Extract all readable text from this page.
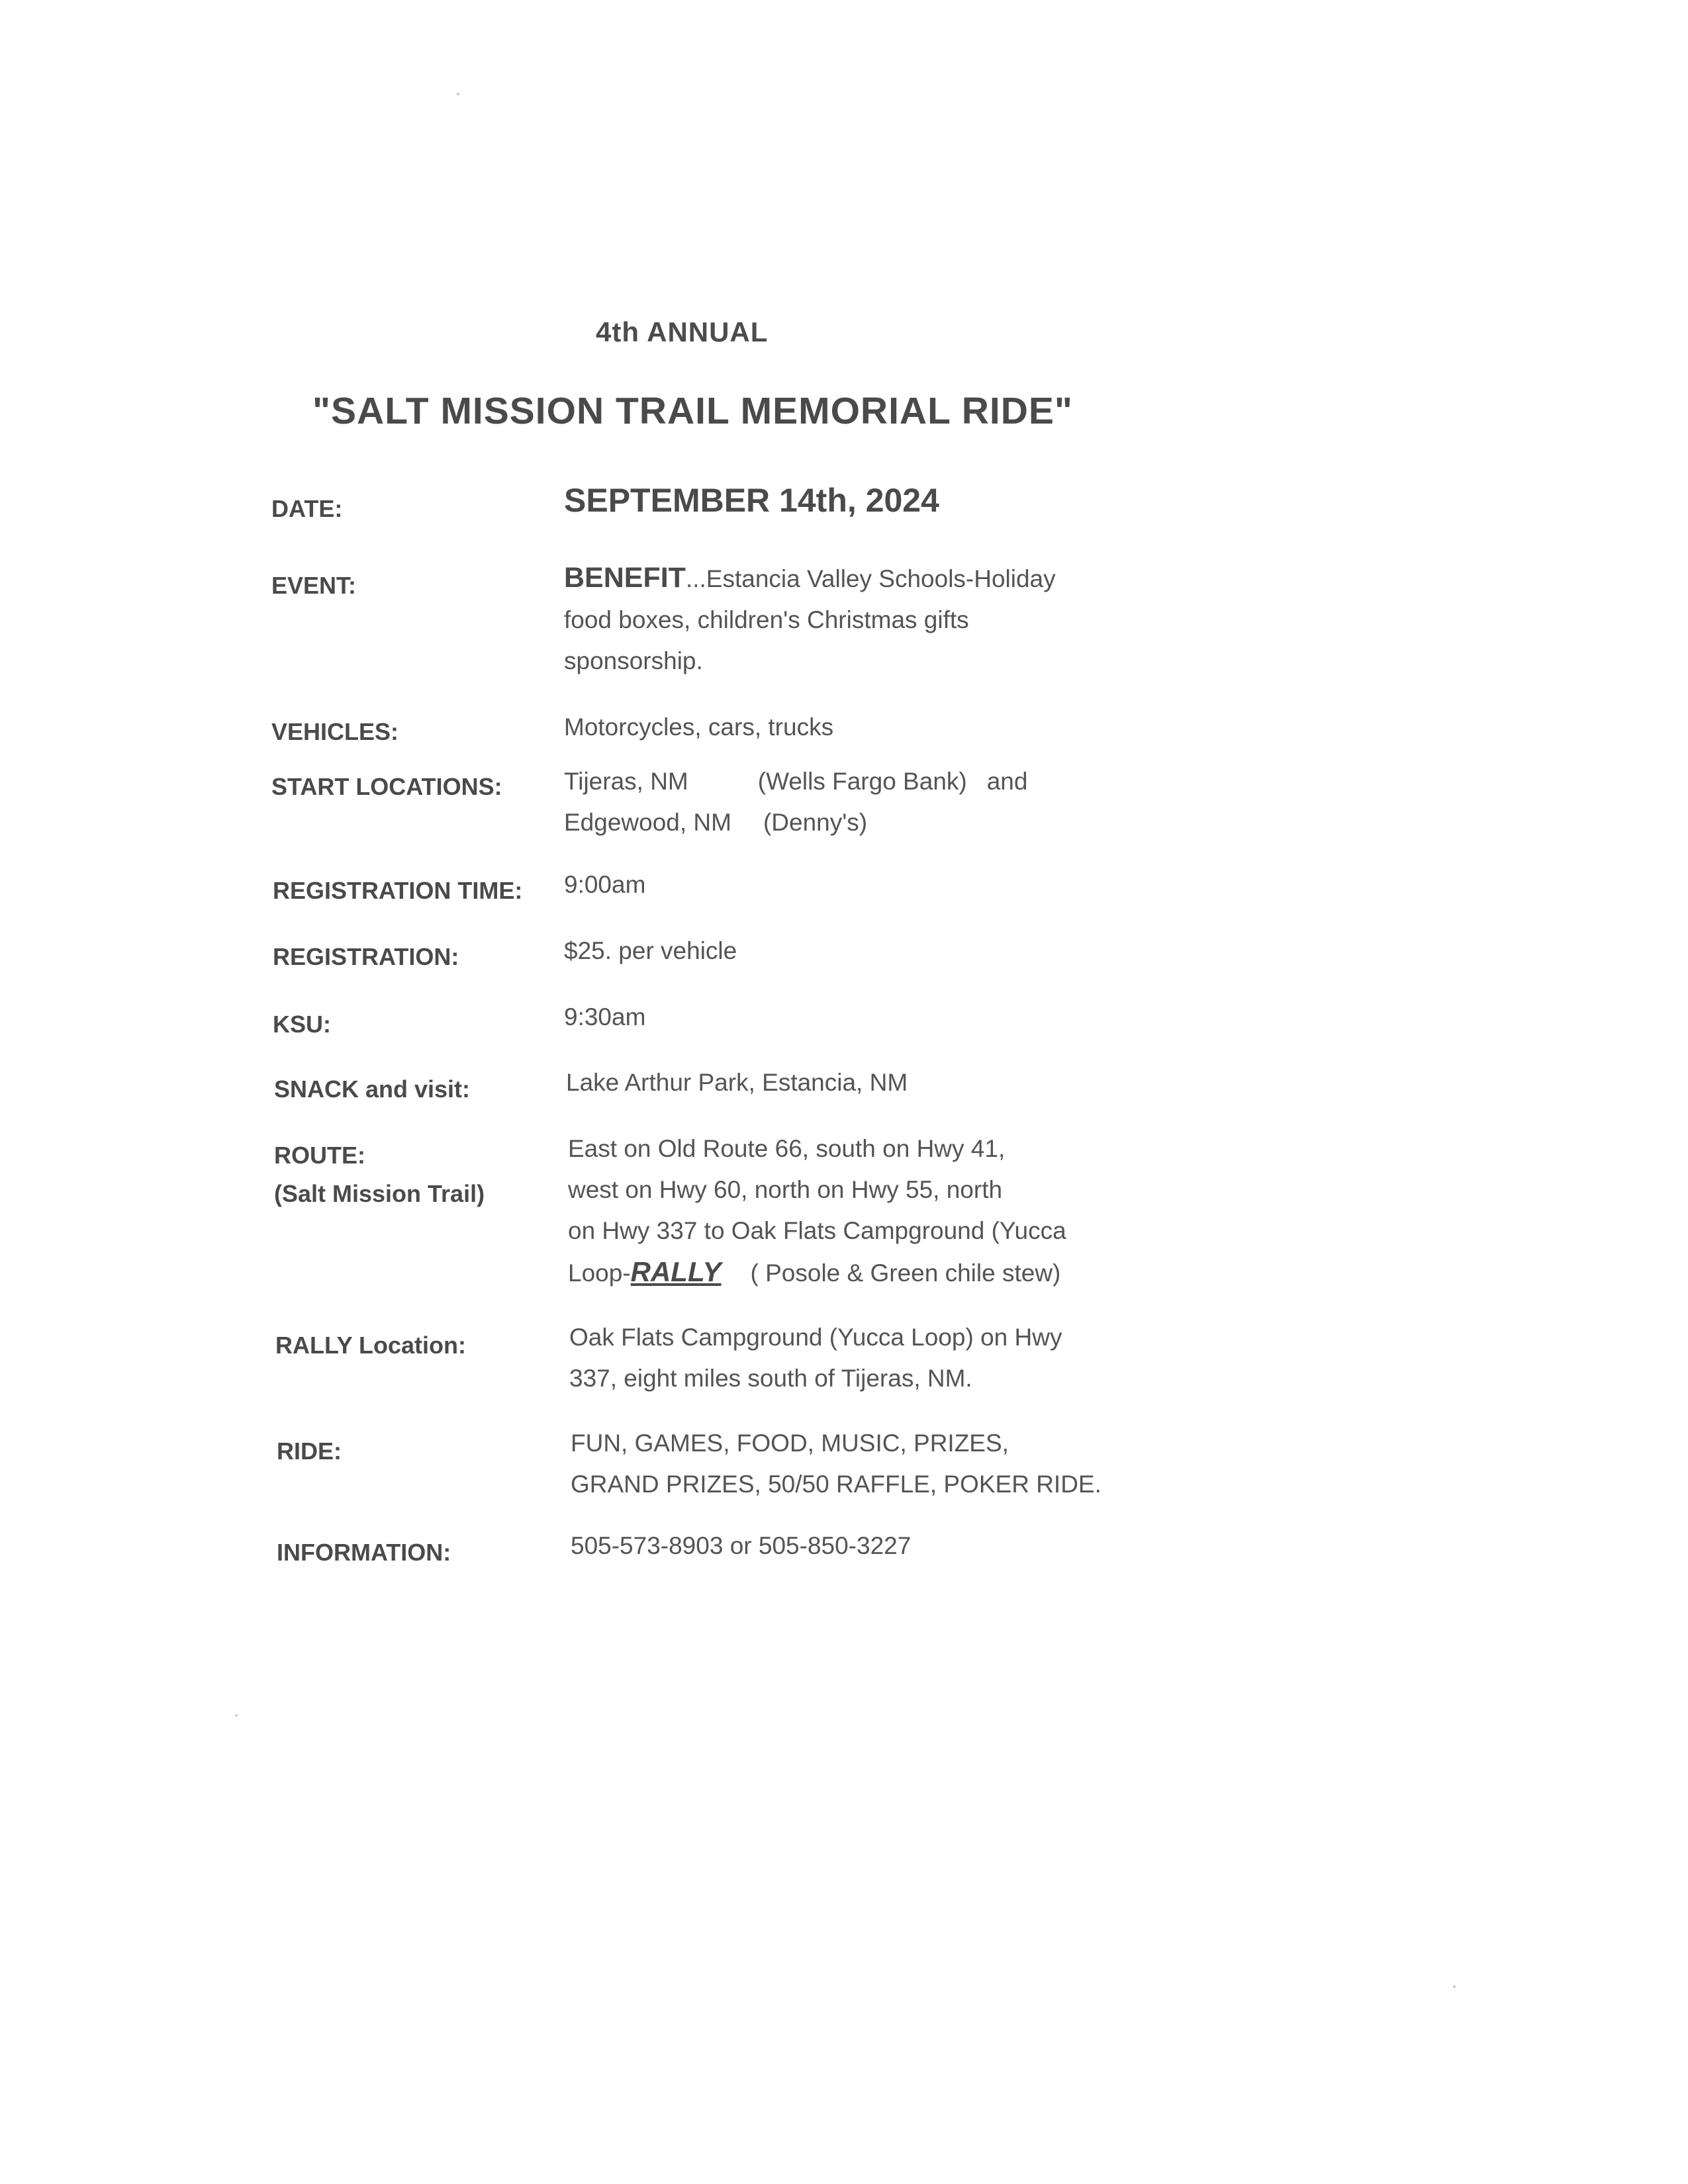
4th ANNUAL
"SALT MISSION TRAIL MEMORIAL RIDE"
DATE:	SEPTEMBER 14th, 2024
EVENT:	BENEFIT...Estancia Valley Schools-Holiday
food boxes, children's Christmas gifts
sponsorship.
VEHICLES:	Motorcycles, cars, trucks
START LOCATIONS:	Tijeras, NM	(Wells Fargo Bank) and
Edgewood, NM (Denny's)
REGISTRATION TIME: 9:00am
REGISTRATION:	$25. per vehicle
KSU:	9:30am
SNACK and visit:	Lake Arthur Park, Estancia, NM
ROUTE:
(Salt Mission Trail)
East on Old Route 66, south on Hwy 41,
west on Hwy 60, north on Hwy 55, north
on Hwy 337 to Oak Flats Campground (Yucca
Loop-RALLY ( Posole & Green chile stew)
RALLY Location:	Oak Flats Campground (Yucca Loop) on Hwy
337, eight miles south of Tijeras, NM.
RIDE:	FUN, GAMES, FOOD, MUSIC, PRIZES,
GRAND PRIZES, 50/50 RAFFLE, POKER RIDE.
INFORMATION:	505-573-8903 or 505-850-3227
